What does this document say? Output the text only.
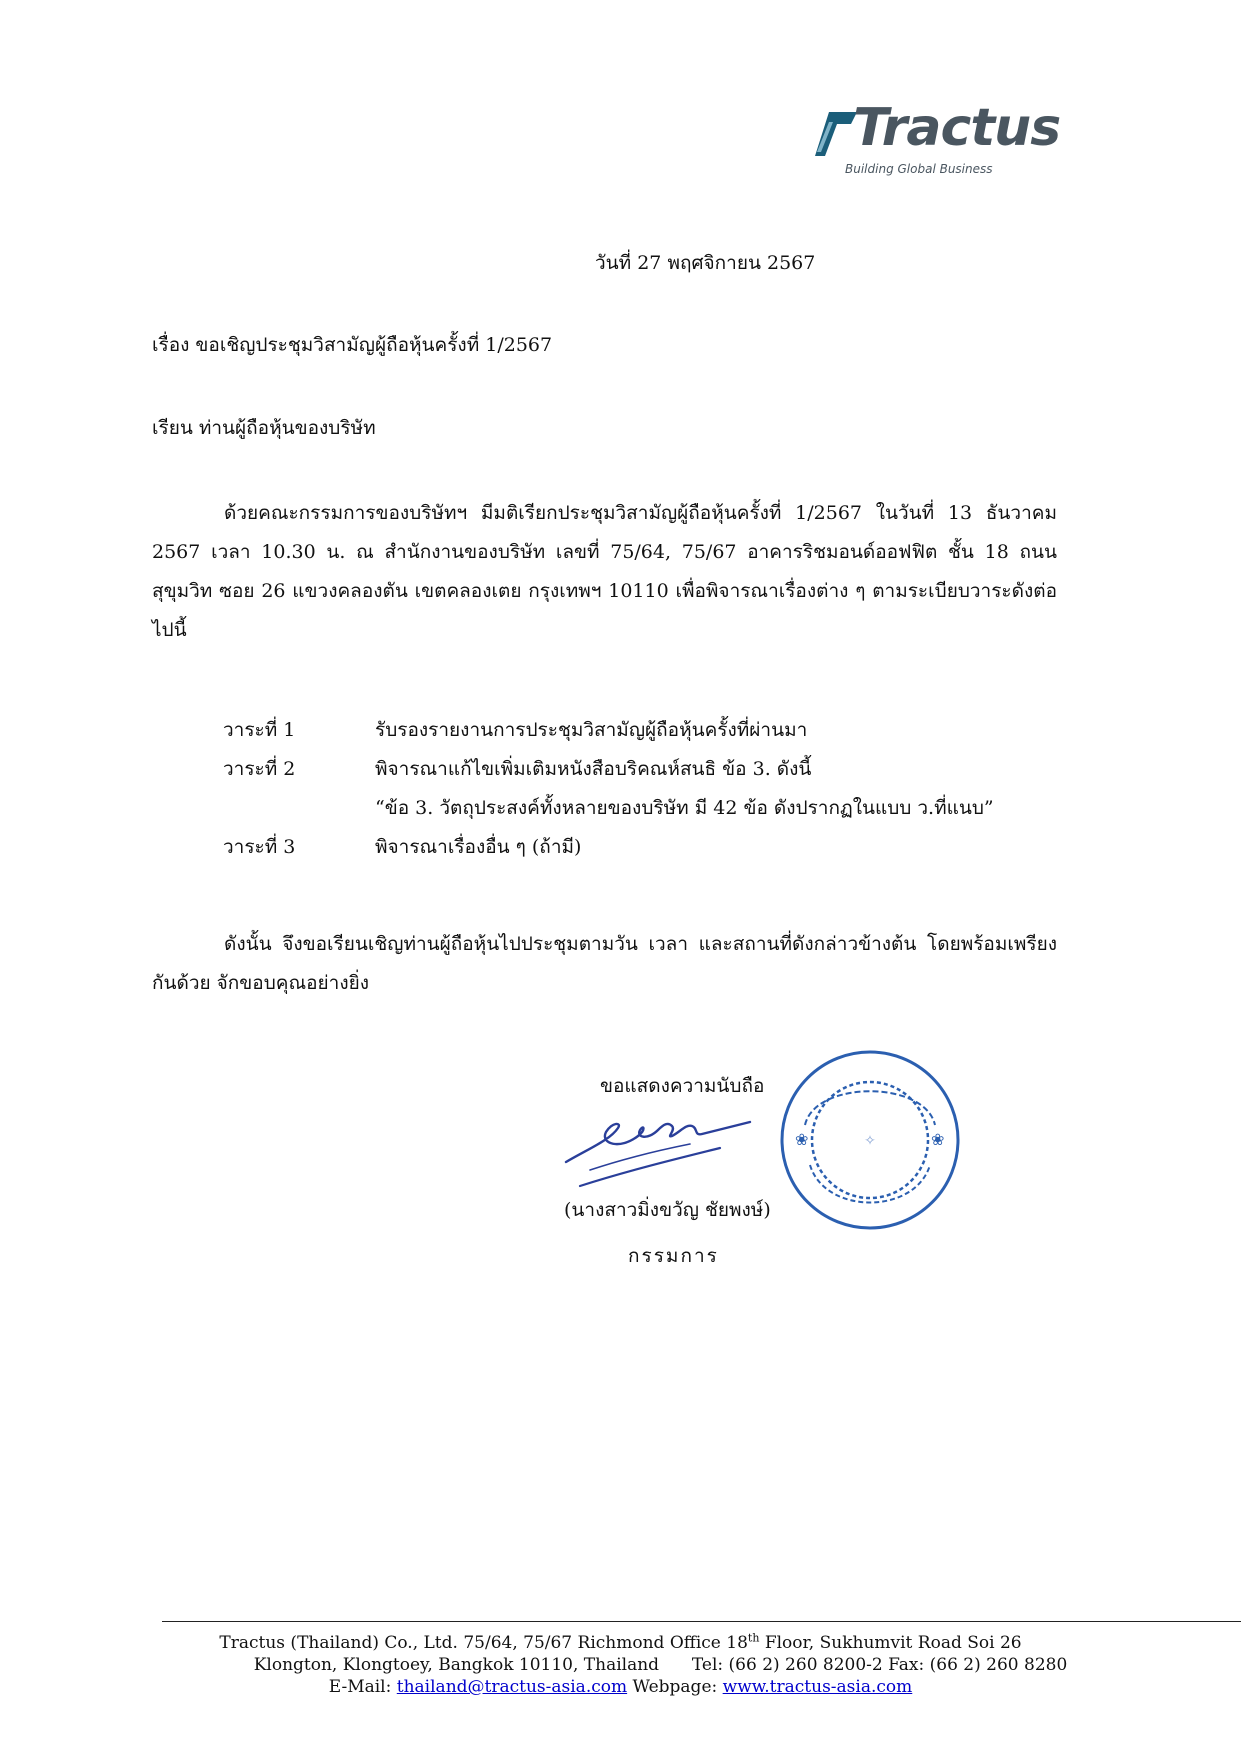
Tractus
Building Global Business
วันที่ 27 พฤศจิกายน 2567
เรื่อง ขอเชิญประชุมวิสามัญผู้ถือหุ้นครั้งที่ 1/2567
เรียน ท่านผู้ถือหุ้นของบริษัท
ด้วยคณะกรรมการของบริษัทฯ มีมติเรียกประชุมวิสามัญผู้ถือหุ้นครั้งที่ 1/2567 ในวันที่ 13 ธันวาคม 2567 เวลา 10.30 น. ณ สำนักงานของบริษัท เลขที่ 75/64, 75/67 อาคารริชมอนด์ออฟฟิต ชั้น 18 ถนนสุขุมวิท ซอย 26 แขวงคลองตัน เขตคลองเตย กรุงเทพฯ 10110 เพื่อพิจารณาเรื่องต่าง ๆ ตามระเบียบวาระดังต่อไปนี้
วาระที่ 1	รับรองรายงานการประชุมวิสามัญผู้ถือหุ้นครั้งที่ผ่านมา
วาระที่ 2	พิจารณาแก้ไขเพิ่มเติมหนังสือบริคณห์สนธิ ข้อ 3. ดังนี้
“ข้อ 3. วัตถุประสงค์ทั้งหลายของบริษัท มี 42 ข้อ ดังปรากฏในแบบ ว.ที่แนบ”
วาระที่ 3	พิจารณาเรื่องอื่น ๆ (ถ้ามี)
ดังนั้น จึงขอเรียนเชิญท่านผู้ถือหุ้นไปประชุมตามวัน เวลา และสถานที่ดังกล่าวข้างต้น โดยพร้อมเพรียงกันด้วย จักขอบคุณอย่างยิ่ง
ขอแสดงความนับถือ
✧
❀	❀
(นางสาวมิ่งขวัญ ชัยพงษ์)
กรรมการ
Tractus (Thailand) Co., Ltd. 75/64, 75/67 Richmond Office 18th Floor, Sukhumvit Road Soi 26
Klongton, Klongtoey, Bangkok 10110, Thailand Tel: (66 2) 260 8200-2 Fax: (66 2) 260 8280
E-Mail: thailand@tractus-asia.com Webpage: www.tractus-asia.com
